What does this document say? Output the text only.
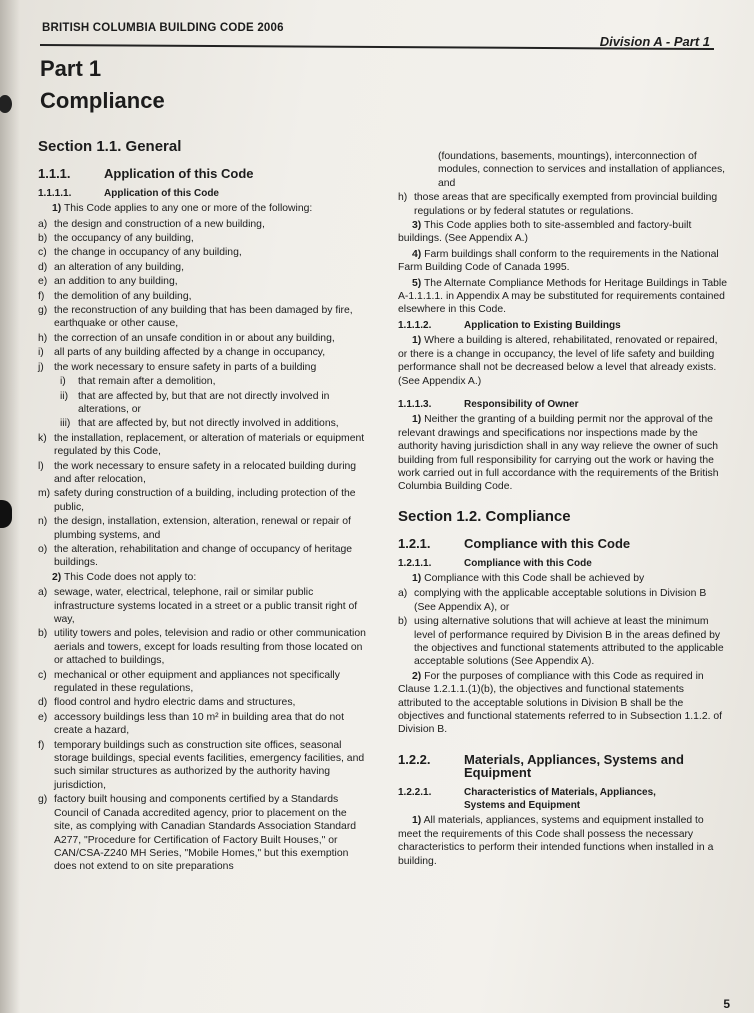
BRITISH COLUMBIA BUILDING CODE 2006
Division A - Part 1
Part 1
Compliance
Section 1.1. General
1.1.1.	Application of this Code
1.1.1.1.	Application of this Code
1) This Code applies to any one or more of the following:
a) the design and construction of a new building,
b) the occupancy of any building,
c) the change in occupancy of any building,
d) an alteration of any building,
e) an addition to any building,
f) the demolition of any building,
g) the reconstruction of any building that has been damaged by fire, earthquake or other cause,
h) the correction of an unsafe condition in or about any building,
i) all parts of any building affected by a change in occupancy,
j) the work necessary to ensure safety in parts of a building
i)	that remain after a demolition,
ii) that are affected by, but that are not directly involved in alterations, or
iii) that are affected by, but not directly involved in additions,
k) the installation, replacement, or alteration of materials or equipment regulated by this Code,
l) the work necessary to ensure safety in a relocated building during and after relocation,
m) safety during construction of a building, including protection of the public,
n) the design, installation, extension, alteration, renewal or repair of plumbing systems, and
o) the alteration, rehabilitation and change of occupancy of heritage buildings.
2) This Code does not apply to:
a) sewage, water, electrical, telephone, rail or similar public infrastructure systems located in a street or a public transit right of way,
b) utility towers and poles, television and radio or other communication aerials and towers, except for loads resulting from those located on or attached to buildings,
c) mechanical or other equipment and appliances not specifically regulated in these regulations,
d) flood control and hydro electric dams and structures,
e) accessory buildings less than 10 m² in building area that do not create a hazard,
f) temporary buildings such as construction site offices, seasonal storage buildings, special events facilities, emergency facilities, and such similar structures as authorized by the authority having jurisdiction,
g) factory built housing and components certified by a Standards Council of Canada accredited agency, prior to placement on the site, as complying with Canadian Standards Association Standard A277, "Procedure for Certification of Factory Built Houses," or CAN/CSA-Z240 MH Series, "Mobile Homes," but this exemption does not extend to on site preparations
(foundations, basements, mountings), interconnection of modules, connection to services and installation of appliances, and
h) those areas that are specifically exempted from provincial building regulations or by federal statutes or regulations.
3) This Code applies both to site-assembled and factory-built buildings. (See Appendix A.)
4) Farm buildings shall conform to the requirements in the National Farm Building Code of Canada 1995.
5) The Alternate Compliance Methods for Heritage Buildings in Table A-1.1.1.1. in Appendix A may be substituted for requirements contained elsewhere in this Code.
1.1.1.2.	Application to Existing Buildings
1) Where a building is altered, rehabilitated, renovated or repaired, or there is a change in occupancy, the level of life safety and building performance shall not be decreased below a level that already exists. (See Appendix A.)
1.1.1.3.	Responsibility of Owner
1) Neither the granting of a building permit nor the approval of the relevant drawings and specifications nor inspections made by the authority having jurisdiction shall in any way relieve the owner of such building from full responsibility for carrying out the work or having the work carried out in full accordance with the requirements of the British Columbia Building Code.
Section 1.2. Compliance
1.2.1.	Compliance with this Code
1.2.1.1.	Compliance with this Code
1) Compliance with this Code shall be achieved by
a) complying with the applicable acceptable solutions in Division B (See Appendix A), or
b) using alternative solutions that will achieve at least the minimum level of performance required by Division B in the areas defined by the objectives and functional statements attributed to the applicable acceptable solutions (See Appendix A).
2) For the purposes of compliance with this Code as required in Clause 1.2.1.1.(1)(b), the objectives and functional statements attributed to the acceptable solutions in Division B shall be the objectives and functional statements referred to in Subsection 1.1.2. of Division B.
1.2.2.	Materials, Appliances, Systems and Equipment
1.2.2.1.	Characteristics of Materials, Appliances, Systems and Equipment
1) All materials, appliances, systems and equipment installed to meet the requirements of this Code shall possess the necessary characteristics to perform their intended functions when installed in a building.
5
